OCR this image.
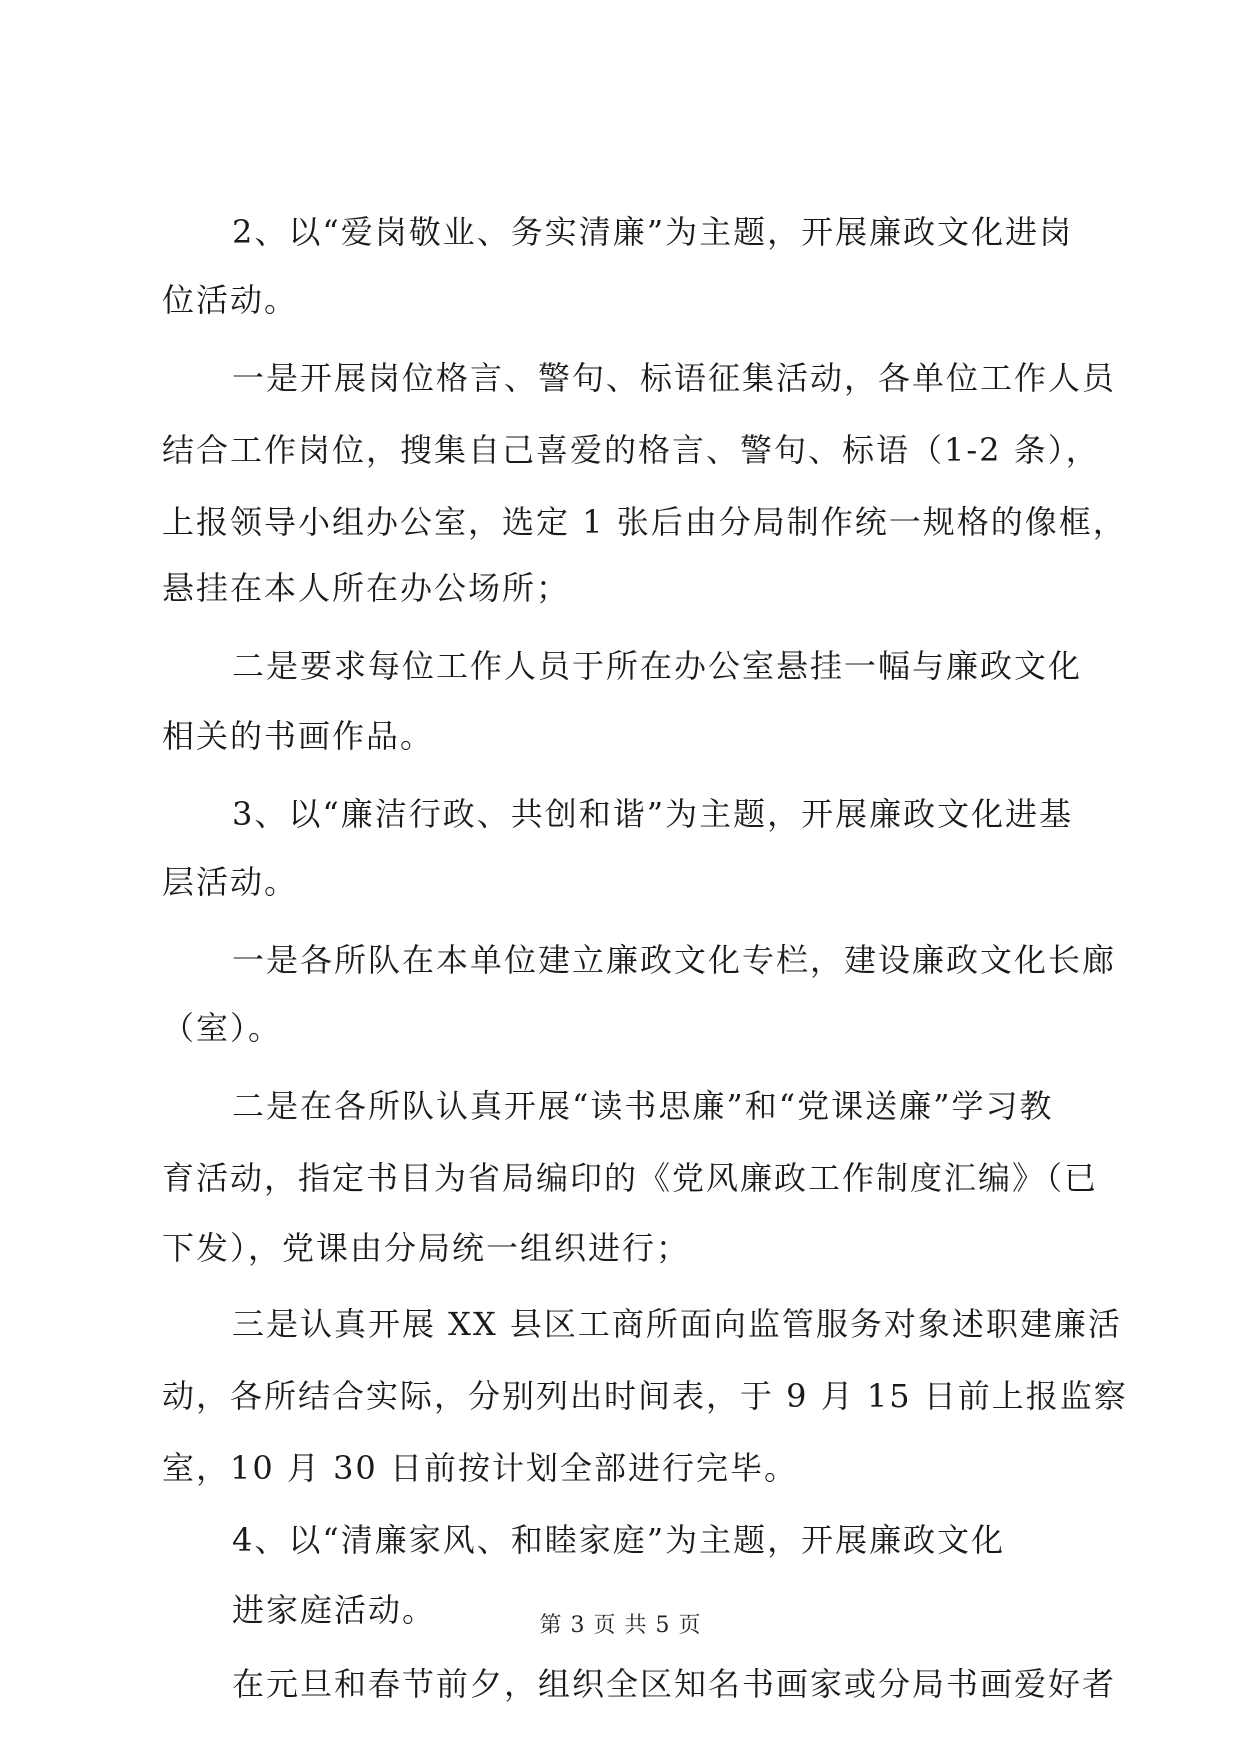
2、以“爱岗敬业、务实清廉”为主题，开展廉政文化进岗
位活动。
一是开展岗位格言、警句、标语征集活动，各单位工作人员
结合工作岗位，搜集自己喜爱的格言、警句、标语（1-2 条），
上报领导小组办公室，选定 1 张后由分局制作统一规格的像框，
悬挂在本人所在办公场所；
二是要求每位工作人员于所在办公室悬挂一幅与廉政文化
相关的书画作品。
3、以“廉洁行政、共创和谐”为主题，开展廉政文化进基
层活动。
一是各所队在本单位建立廉政文化专栏，建设廉政文化长廊
（室）。
二是在各所队认真开展“读书思廉”和“党课送廉”学习教
育活动，指定书目为省局编印的《党风廉政工作制度汇编》（已
下发），党课由分局统一组织进行；
三是认真开展 XX 县区工商所面向监管服务对象述职建廉活
动，各所结合实际，分别列出时间表，于 9 月 15 日前上报监察
室，10 月 30 日前按计划全部进行完毕。
4、以“清廉家风、和睦家庭”为主题，开展廉政文化
进家庭活动。
在元旦和春节前夕，组织全区知名书画家或分局书画爱好者
第 3 页 共 5 页
